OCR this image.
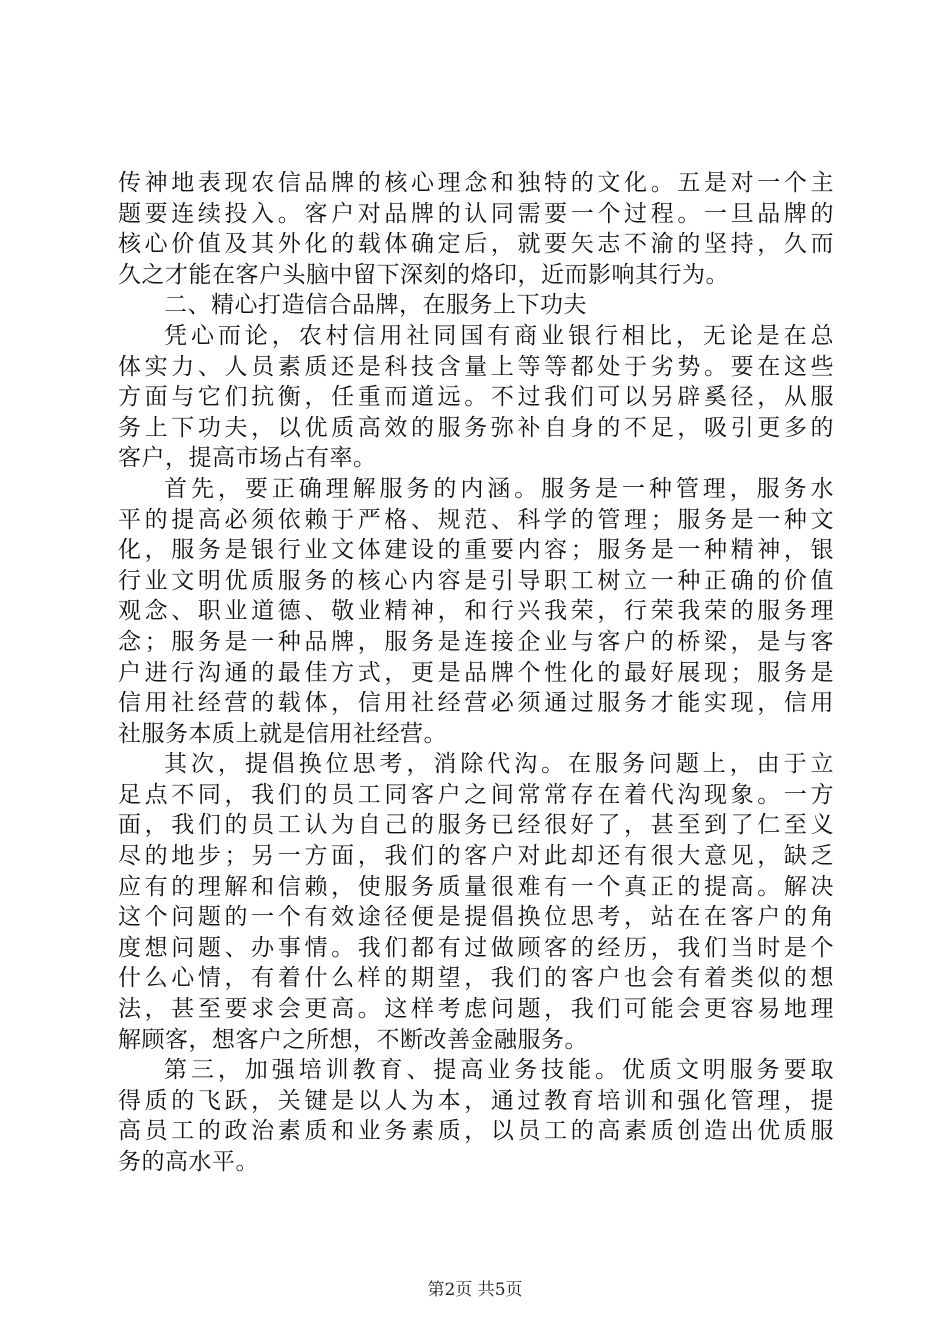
传神地表现农信品牌的核心理念和独特的文化。五是对一个主
题要连续投入。客户对品牌的认同需要一个过程。一旦品牌的
核心价值及其外化的载体确定后，就要矢志不渝的坚持，久而
久之才能在客户头脑中留下深刻的烙印，近而影响其行为。
二、精心打造信合品牌，在服务上下功夫
凭心而论，农村信用社同国有商业银行相比，无论是在总
体实力、人员素质还是科技含量上等等都处于劣势。要在这些
方面与它们抗衡，任重而道远。不过我们可以另辟奚径，从服
务上下功夫，以优质高效的服务弥补自身的不足，吸引更多的
客户，提高市场占有率。
首先，要正确理解服务的内涵。服务是一种管理，服务水
平的提高必须依赖于严格、规范、科学的管理；服务是一种文
化，服务是银行业文体建设的重要内容；服务是一种精神，银
行业文明优质服务的核心内容是引导职工树立一种正确的价值
观念、职业道德、敬业精神，和行兴我荣，行荣我荣的服务理
念；服务是一种品牌，服务是连接企业与客户的桥梁，是与客
户进行沟通的最佳方式，更是品牌个性化的最好展现；服务是
信用社经营的载体，信用社经营必须通过服务才能实现，信用
社服务本质上就是信用社经营。
其次，提倡换位思考，消除代沟。在服务问题上，由于立
足点不同，我们的员工同客户之间常常存在着代沟现象。一方
面，我们的员工认为自己的服务已经很好了，甚至到了仁至义
尽的地步；另一方面，我们的客户对此却还有很大意见，缺乏
应有的理解和信赖，使服务质量很难有一个真正的提高。解决
这个问题的一个有效途径便是提倡换位思考，站在在客户的角
度想问题、办事情。我们都有过做顾客的经历，我们当时是个
什么心情，有着什么样的期望，我们的客户也会有着类似的想
法，甚至要求会更高。这样考虑问题，我们可能会更容易地理
解顾客，想客户之所想，不断改善金融服务。
第三，加强培训教育、提高业务技能。优质文明服务要取
得质的飞跃，关键是以人为本，通过教育培训和强化管理，提
高员工的政治素质和业务素质，以员工的高素质创造出优质服
务的高水平。
第2页 共5页
